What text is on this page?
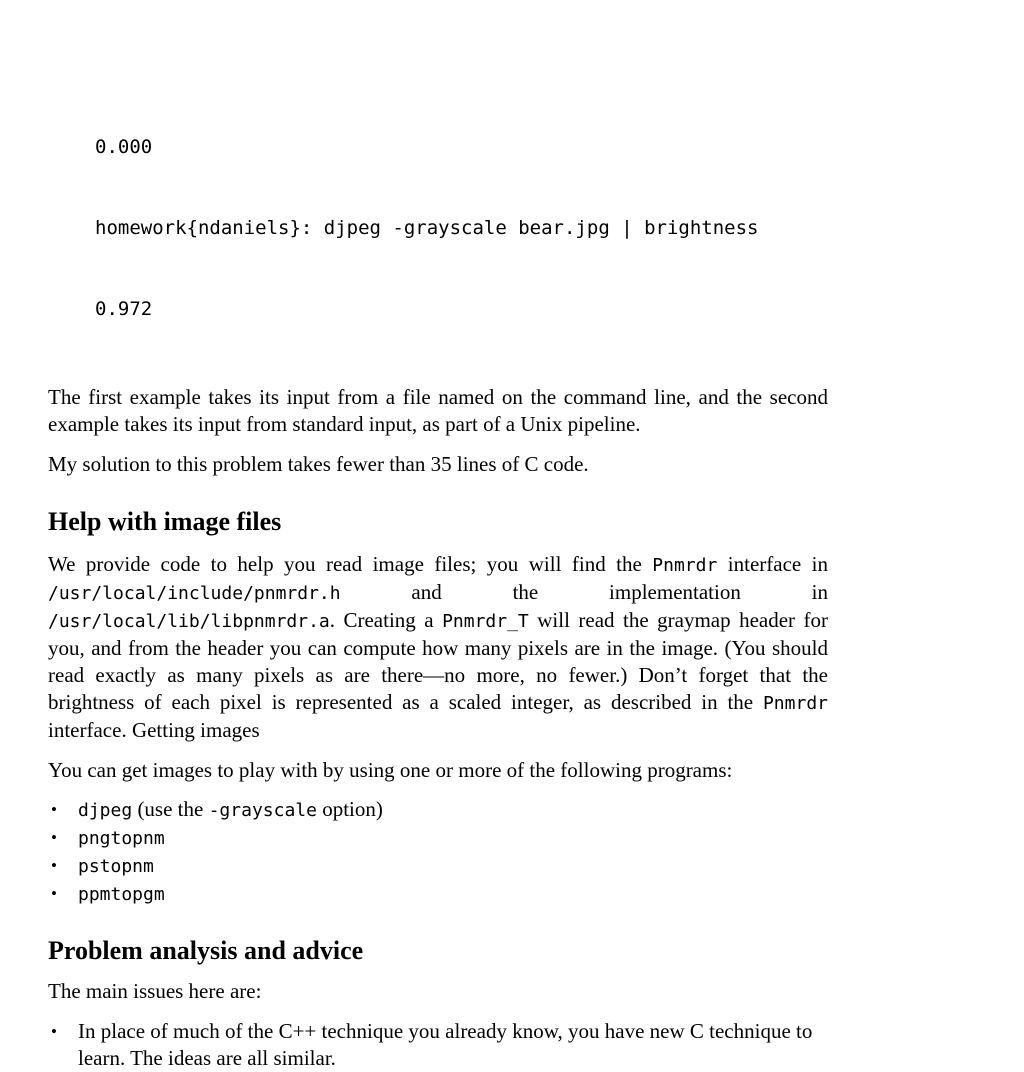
0.000

homework{ndaniels}: djpeg -grayscale bear.jpg | brightness

0.972

The first example takes its input from a file named on the command line, and the second example takes its input from standard input, as part of a Unix pipeline.

My solution to this problem takes fewer than 35 lines of C code.

Help with image files

We provide code to help you read image files; you will find the Pnmrdr interface in /usr/local/include/pnmrdr.h and the implementation in /usr/local/lib/libpnmrdr.a. Creating a Pnmrdr_T will read the graymap header for you, and from the header you can compute how many pixels are in the image. (You should read exactly as many pixels as are there—no more, no fewer.) Don’t forget that the brightness of each pixel is represented as a scaled integer, as described in the Pnmrdr interface. Getting images

You can get images to play with by using one or more of the following programs:

• djpeg (use the -grayscale option)
• pngtopnm
• pstopnm
• ppmtopgm
Problem analysis and advice

The main issues here are:

• In place of much of the C++ technique you already know, you have new C technique to learn. The ideas are all similar.
